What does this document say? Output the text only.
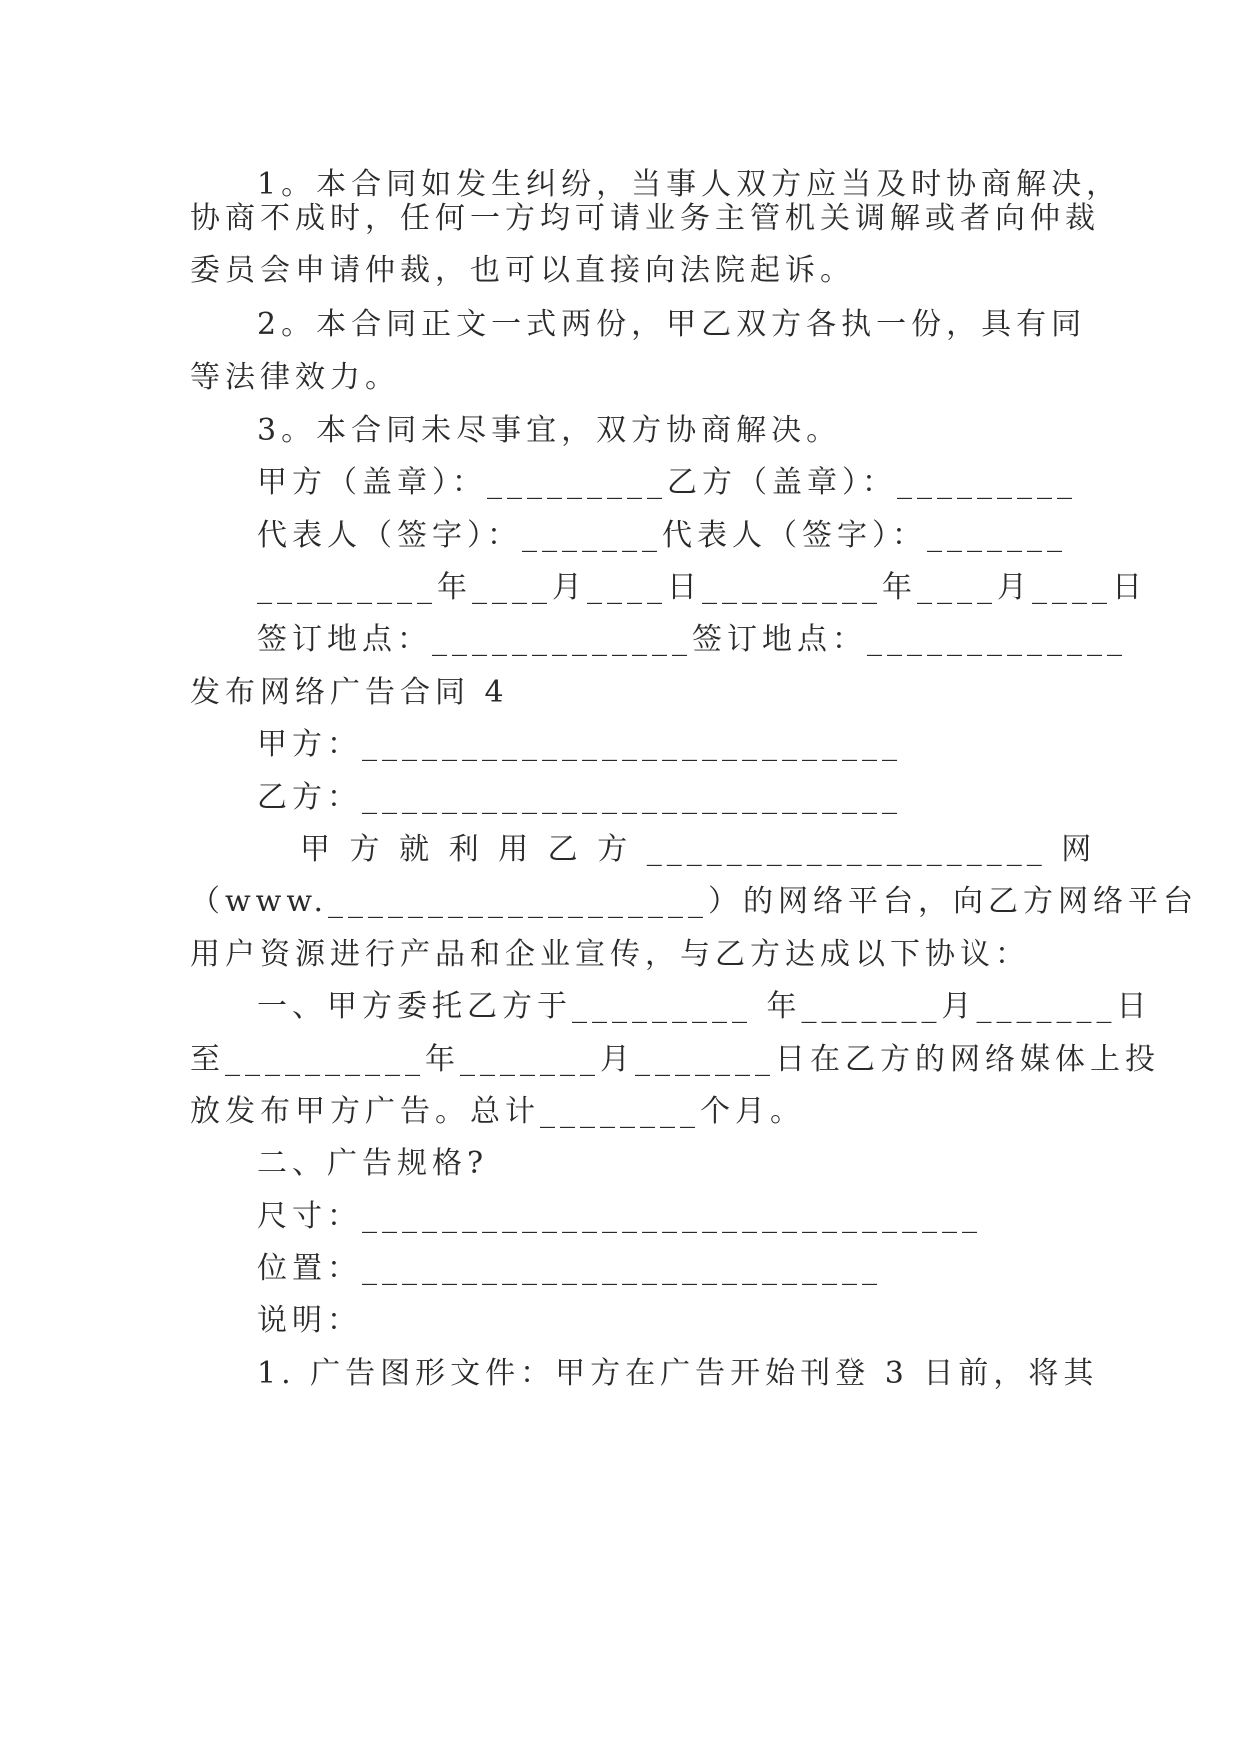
1。本合同如发生纠纷，当事人双方应当及时协商解决，
协商不成时，任何一方均可请业务主管机关调解或者向仲裁
委员会申请仲裁，也可以直接向法院起诉。
2。本合同正文一式两份，甲乙双方各执一份，具有同
等法律效力。
3。本合同未尽事宜，双方协商解决。
甲方（盖章）：_________乙方（盖章）：_________
代表人（签字）：_______代表人（签字）：_______
_________年____月____日_________年____月____日
签订地点：_____________签订地点：_____________
发布网络广告合同 4
甲方：___________________________
乙方：___________________________
甲 方 就 利 用 乙 方 ____________________ 网
（www.___________________）的网络平台，向乙方网络平台
用户资源进行产品和企业宣传，与乙方达成以下协议：
一、甲方委托乙方于_________ 年_______月_______日
至__________年_______月_______日在乙方的网络媒体上投
放发布甲方广告。总计________个月。
二、广告规格?
尺寸：_______________________________
位置：__________________________
说明：
1. 广告图形文件：甲方在广告开始刊登 3 日前，将其
